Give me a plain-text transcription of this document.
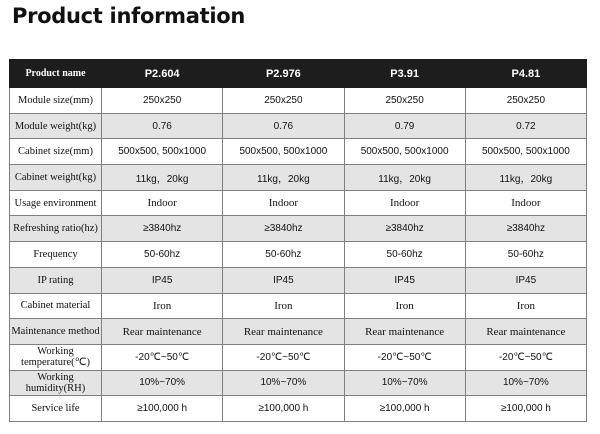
Product information
Product name	P2.604	P2.976	P3.91	P4.81
Module size(mm)	250x250	250x250	250x250	250x250
Module weight(kg)	0.76	0.76	0.79	0.72
Cabinet size(mm)	500x500, 500x1000	500x500, 500x1000	500x500, 500x1000	500x500, 500x1000
Cabinet weight(kg)	11kg，20kg	11kg，20kg	11kg，20kg	11kg，20kg
Usage environment	Indoor	Indoor	Indoor	Indoor
Refreshing ratio(hz)	≥3840hz	≥3840hz	≥3840hz	≥3840hz
Frequency	50-60hz	50-60hz	50-60hz	50-60hz
IP rating	IP45	IP45	IP45	IP45
Cabinet material	Iron	Iron	Iron	Iron
Maintenance method	Rear maintenance	Rear maintenance	Rear maintenance	Rear maintenance
Working temperature(℃)	-20℃~50℃	-20℃~50℃	-20℃~50℃	-20℃~50℃
Working humidity(RH)	10%~70%	10%~70%	10%~70%	10%~70%
Service life	≥100,000 h	≥100,000 h	≥100,000 h	≥100,000 h
